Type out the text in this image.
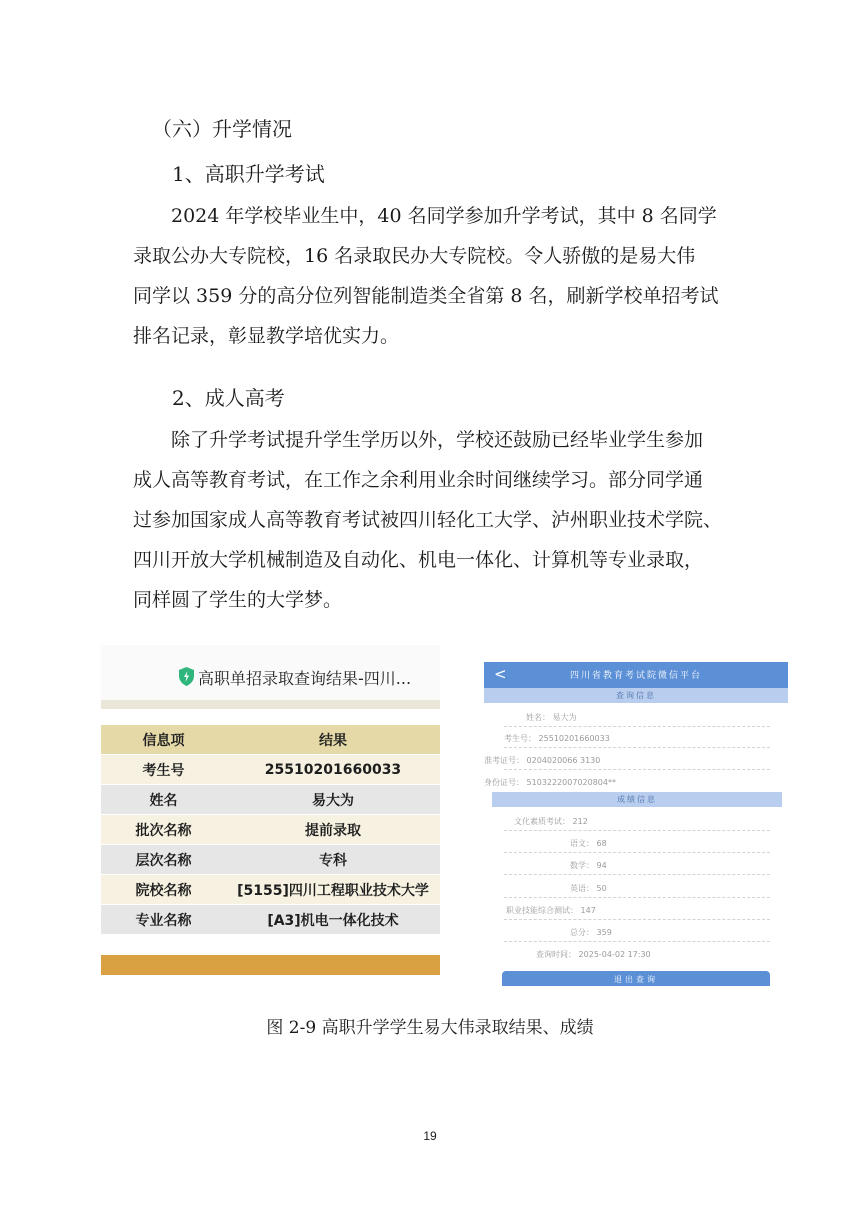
（六）升学情况
1、高职升学考试
2024 年学校毕业生中，40 名同学参加升学考试，其中 8 名同学
录取公办大专院校，16 名录取民办大专院校。令人骄傲的是易大伟
同学以 359 分的高分位列智能制造类全省第 8 名，刷新学校单招考试
排名记录，彰显教学培优实力。
2、成人高考
除了升学考试提升学生学历以外，学校还鼓励已经毕业学生参加
成人高等教育考试，在工作之余利用业余时间继续学习。部分同学通
过参加国家成人高等教育考试被四川轻化工大学、泸州职业技术学院、
四川开放大学机械制造及自动化、机电一体化、计算机等专业录取，
同样圆了学生的大学梦。
高职单招录取查询结果-四川...
信息项	结果
考生号	25510201660033
姓名	易大为
批次名称	提前录取
层次名称	专科
院校名称	[5155]四川工程职业技术大学
专业名称	[A3]机电一体化技术
<	四川省教育考试院微信平台
查询信息
姓名： 易大为
考生号： 25510201660033
准考证号： 0204020066 3130
身份证号： 5103222007020804**
成绩信息
文化素质考试： 212
语文： 68
数学： 94
英语： 50
职业技能综合测试： 147
总分： 359
查询时间： 2025-04-02 17:30
退出查询
图 2-9 高职升学学生易大伟录取结果、成绩
19
